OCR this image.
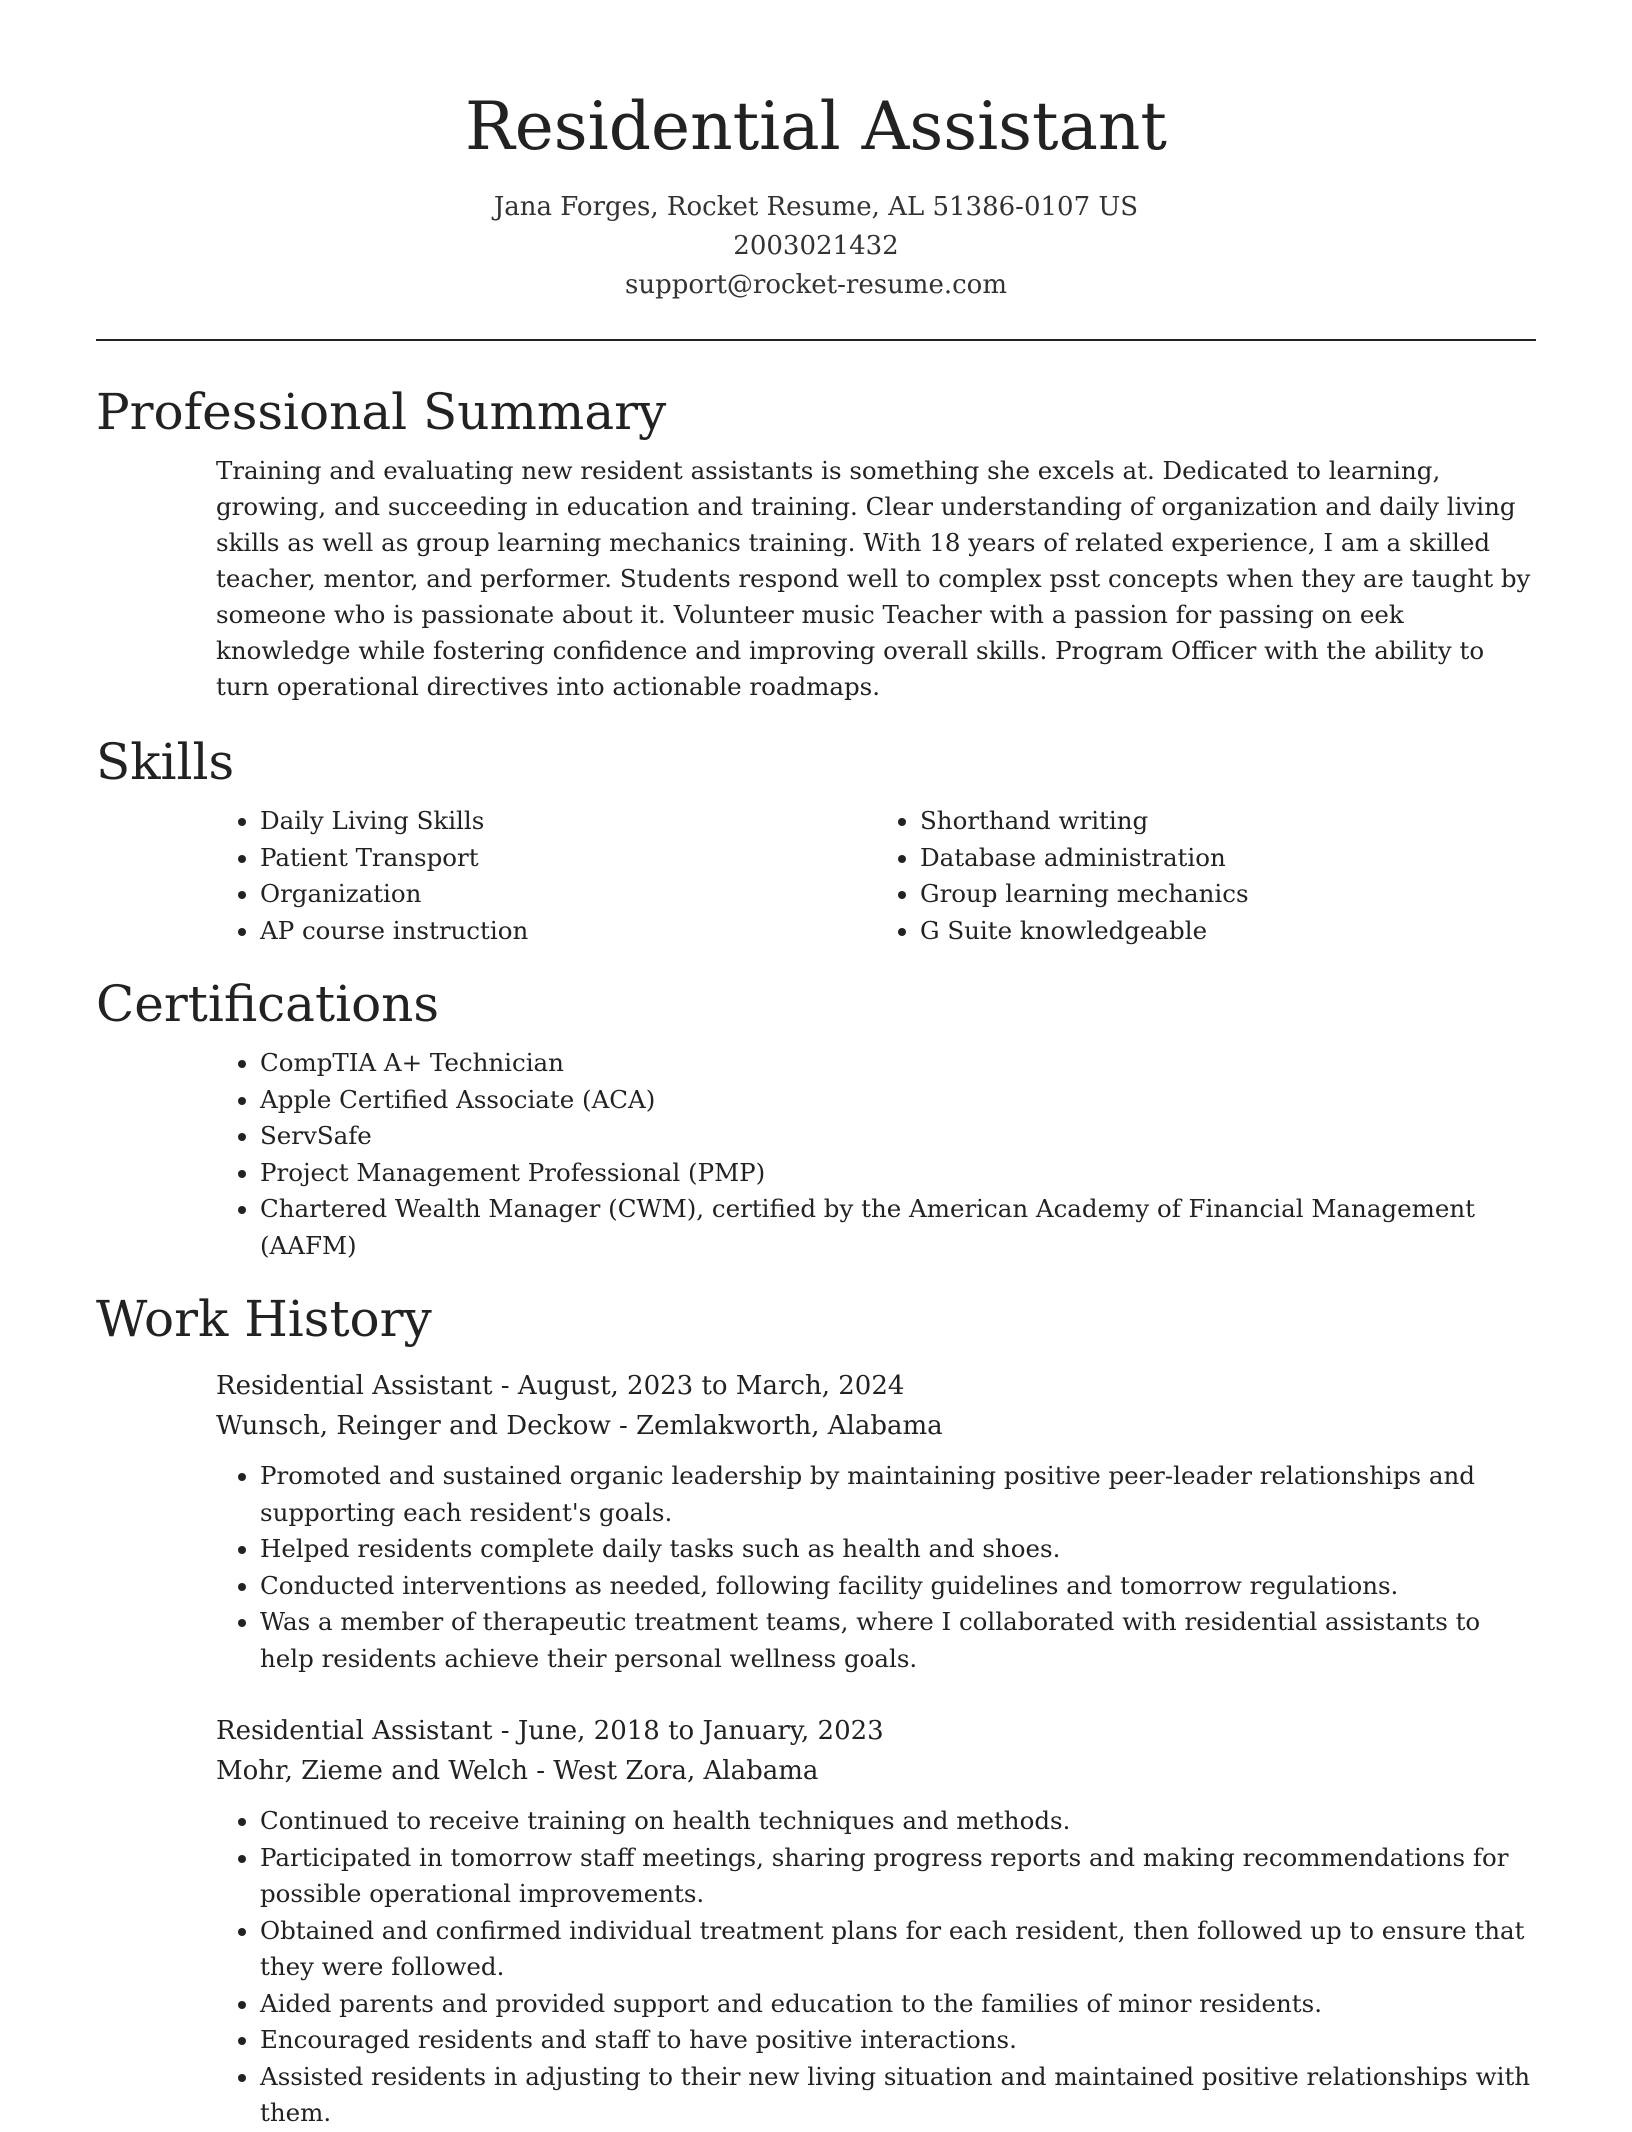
Residential Assistant

Jana Forges, Rocket Resume, AL 51386-0107 US

2003021432

support@rocket-resume.com

Professional Summary

Training and evaluating new resident assistants is something she excels at. Dedicated to learning, growing, and succeeding in education and training. Clear understanding of organization and daily living skills as well as group learning mechanics training. With 18 years of related experience, I am a skilled teacher, mentor, and performer. Students respond well to complex psst concepts when they are taught by someone who is passionate about it. Volunteer music Teacher with a passion for passing on eek knowledge while fostering confidence and improving overall skills. Program Officer with the ability to turn operational directives into actionable roadmaps.

Skills
• Daily Living Skills
• Patient Transport
• Organization
• AP course instruction
• Shorthand writing
• Database administration
• Group learning mechanics
• G Suite knowledgeable
Certifications
• CompTIA A+ Technician
• Apple Certified Associate (ACA)
• ServSafe
• Project Management Professional (PMP)
• Chartered Wealth Manager (CWM), certified by the American Academy of Financial Management (AAFM)
Work History

Residential Assistant - August, 2023 to March, 2024

Wunsch, Reinger and Deckow - Zemlakworth, Alabama

• Promoted and sustained organic leadership by maintaining positive peer-leader relationships and supporting each resident's goals.
• Helped residents complete daily tasks such as health and shoes.
• Conducted interventions as needed, following facility guidelines and tomorrow regulations.
• Was a member of therapeutic treatment teams, where I collaborated with residential assistants to help residents achieve their personal wellness goals.

Residential Assistant - June, 2018 to January, 2023

Mohr, Zieme and Welch - West Zora, Alabama

• Continued to receive training on health techniques and methods.
• Participated in tomorrow staff meetings, sharing progress reports and making recommendations for possible operational improvements.
• Obtained and confirmed individual treatment plans for each resident, then followed up to ensure that they were followed.
• Aided parents and provided support and education to the families of minor residents.
• Encouraged residents and staff to have positive interactions.
• Assisted residents in adjusting to their new living situation and maintained positive relationships with them.
